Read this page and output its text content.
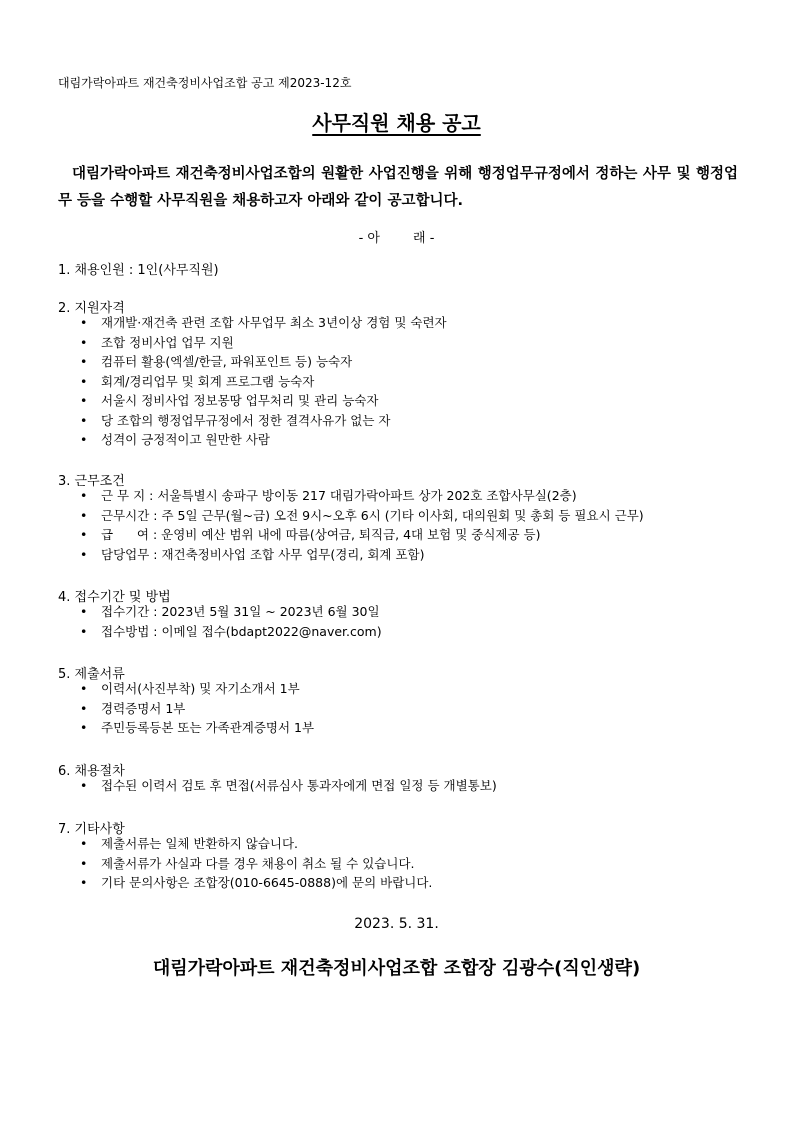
대림가락아파트 재건축정비사업조합 공고 제2023-12호
사무직원 채용 공고
대림가락아파트 재건축정비사업조합의 원활한 사업진행을 위해 행정업무규정에서 정하는 사무 및 행정업무 등을 수행할 사무직원을 채용하고자 아래와 같이 공고합니다.
- 아        래 -
1. 채용인원 : 1인(사무직원)
2. 지원자격
• 재개발·재건축 관련 조합 사무업무 최소 3년이상 경험 및 숙련자
• 조합 정비사업 업무 지원
• 컴퓨터 활용(엑셀/한글, 파워포인트 등) 능숙자
• 회계/경리업무 및 회계 프로그램 능숙자
• 서울시 정비사업 정보몽땅 업무처리 및 관리 능숙자
• 당 조합의 행정업무규정에서 정한 결격사유가 없는 자
• 성격이 긍정적이고 원만한 사람
3. 근무조건
• 근 무 지 : 서울특별시 송파구 방이동 217 대림가락아파트 상가 202호 조합사무실(2층)
• 근무시간 : 주 5일 근무(월~금) 오전 9시~오후 6시 (기타 이사회, 대의원회 및 총회 등 필요시 근무)
• 급      여 : 운영비 예산 범위 내에 따름(상여금, 퇴직금, 4대 보험 및 중식제공 등)
• 담당업무 : 재건축정비사업 조합 사무 업무(경리, 회계 포함)
4. 접수기간 및 방법
• 접수기간 : 2023년 5월 31일 ~ 2023년 6월 30일
• 접수방법 : 이메일 접수(bdapt2022@naver.com)
5. 제출서류
• 이력서(사진부착) 및 자기소개서 1부
• 경력증명서 1부
• 주민등록등본 또는 가족관계증명서 1부
6. 채용절차
• 접수된 이력서 검토 후 면접(서류심사 통과자에게 면접 일정 등 개별통보)
7. 기타사항
• 제출서류는 일체 반환하지 않습니다.
• 제출서류가 사실과 다를 경우 채용이 취소 될 수 있습니다.
• 기타 문의사항은 조합장(010-6645-0888)에 문의 바랍니다.
2023. 5. 31.
대림가락아파트 재건축정비사업조합 조합장 김광수(직인생략)
